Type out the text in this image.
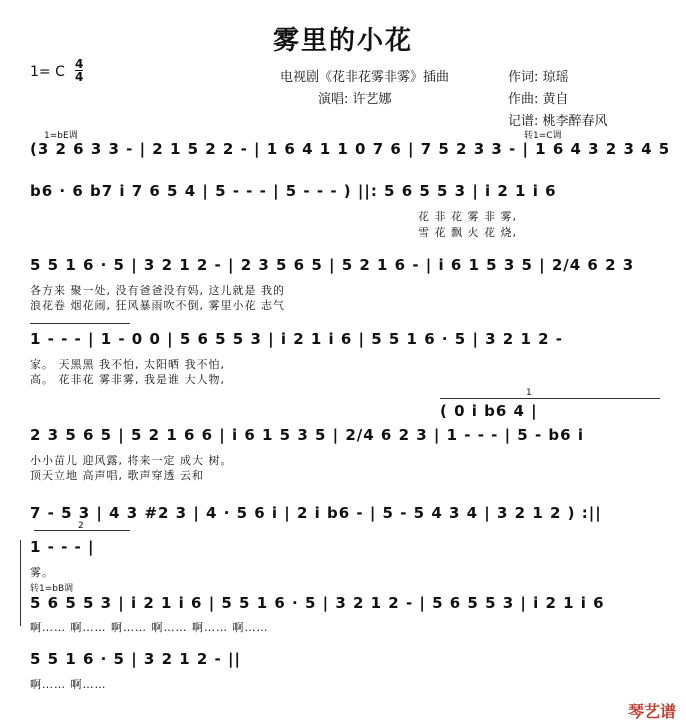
雾里的小花
1= C 4
4	电视剧《花非花雾非雾》插曲	作词: 琼瑶
演唱: 许艺娜	作曲: 黄自
记谱: 桃李醉春风
1=bE调	转1=C调
(3 2 6 3 3 - | 2 1 5 2 2 - | 1 6 4 1 1 0 7 6 | 7 5 2 3 3 - | 1 6 4 3 2 3 4 5
b6 · 6 b7 i 7 6 5 4 | 5 - - - | 5 - - - ) ||: 5 6 5 5 3 | i 2 1 i 6
花 非 花 雾 非 雾,
雪 花 飘 火 花 烧,
5 5 1 6 · 5 | 3 2 1 2 - | 2 3 5 6 5 | 5 2 1 6 - | i 6 1 5 3 5 | 2/4 6 2 3
各方来 聚一处, 没有爸爸没有妈, 这儿就是 我的
浪花卷 烟花闹, 狂风暴雨吹不倒, 雾里小花 志气
1 - - - | 1 - 0 0 | 5 6 5 5 3 | i 2 1 i 6 | 5 5 1 6 · 5 | 3 2 1 2 -
家。 天黑黑 我不怕, 太阳晒 我不怕,
高。 花非花 雾非雾, 我是谁 大人物,
1
( 0 i b6 4 |
2 3 5 6 5 | 5 2 1 6 6 | i 6 1 5 3 5 | 2/4 6 2 3 | 1 - - - | 5 - b6 i
小小苗儿 迎风露, 将来一定 成大 树。
顶天立地 高声唱, 歌声穿透 云和
7 - 5 3 | 4 3 #2 3 | 4 · 5 6 i | 2 i b6 - | 5 - 5 4 3 4 | 3 2 1 2 ) :||
2
1 - - - |
雾。
转1=bB调
5 6 5 5 3 | i 2 1 i 6 | 5 5 1 6 · 5 | 3 2 1 2 - | 5 6 5 5 3 | i 2 1 i 6
啊…… 啊…… 啊…… 啊…… 啊…… 啊……
5 5 1 6 · 5 | 3 2 1 2 - ||
啊…… 啊……
琴艺谱
